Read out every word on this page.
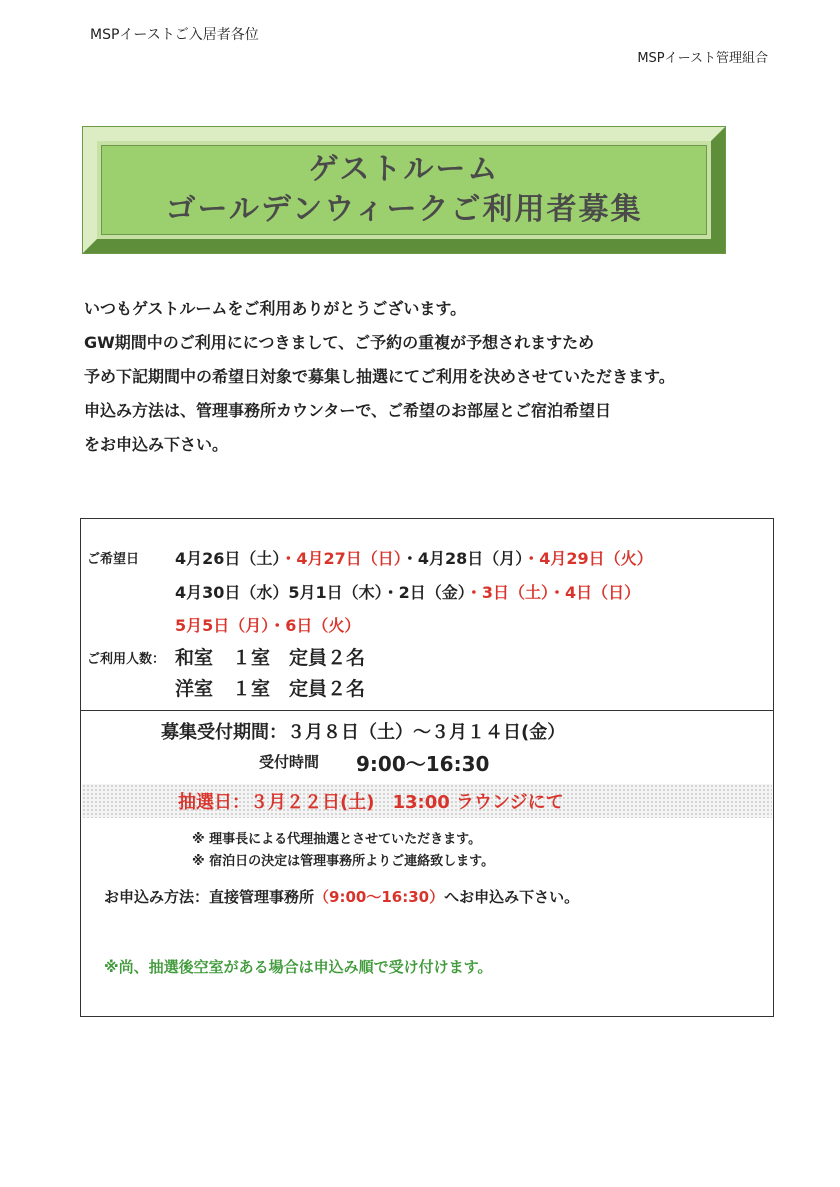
MSPイーストご入居者各位
MSPイースト管理組合
ゲストルーム
ゴールデンウィークご利用者募集
いつもゲストルームをご利用ありがとうございます。
GW期間中のご利用ににつきまして、ご予約の重複が予想されますため
予め下記期間中の希望日対象で募集し抽選にてご利用を決めさせていただきます。
申込み方法は、管理事務所カウンターで、ご希望のお部屋とご宿泊希望日
をお申込み下さい。
ご希望日 4月26日（土）・4月27日（日）・4月28日（月）・4月29日（火）
4月30日（水）5月1日（木）・2日（金）・3日（土）・4日（日）
5月5日（月）・6日（火）
ご利用人数： 和室　１室　定員２名
洋室　１室　定員２名
募集受付期間：３月８日（土）～３月１４日(金）
受付時間 9:00～16:30
抽選日：３月２２日(土)　13:00 ラウンジにて
※ 理事長による代理抽選とさせていただきます。
※ 宿泊日の決定は管理事務所よりご連絡致します。
お申込み方法：直接管理事務所（9:00～16:30）へお申込み下さい。
※尚、抽選後空室がある場合は申込み順で受け付けます。
